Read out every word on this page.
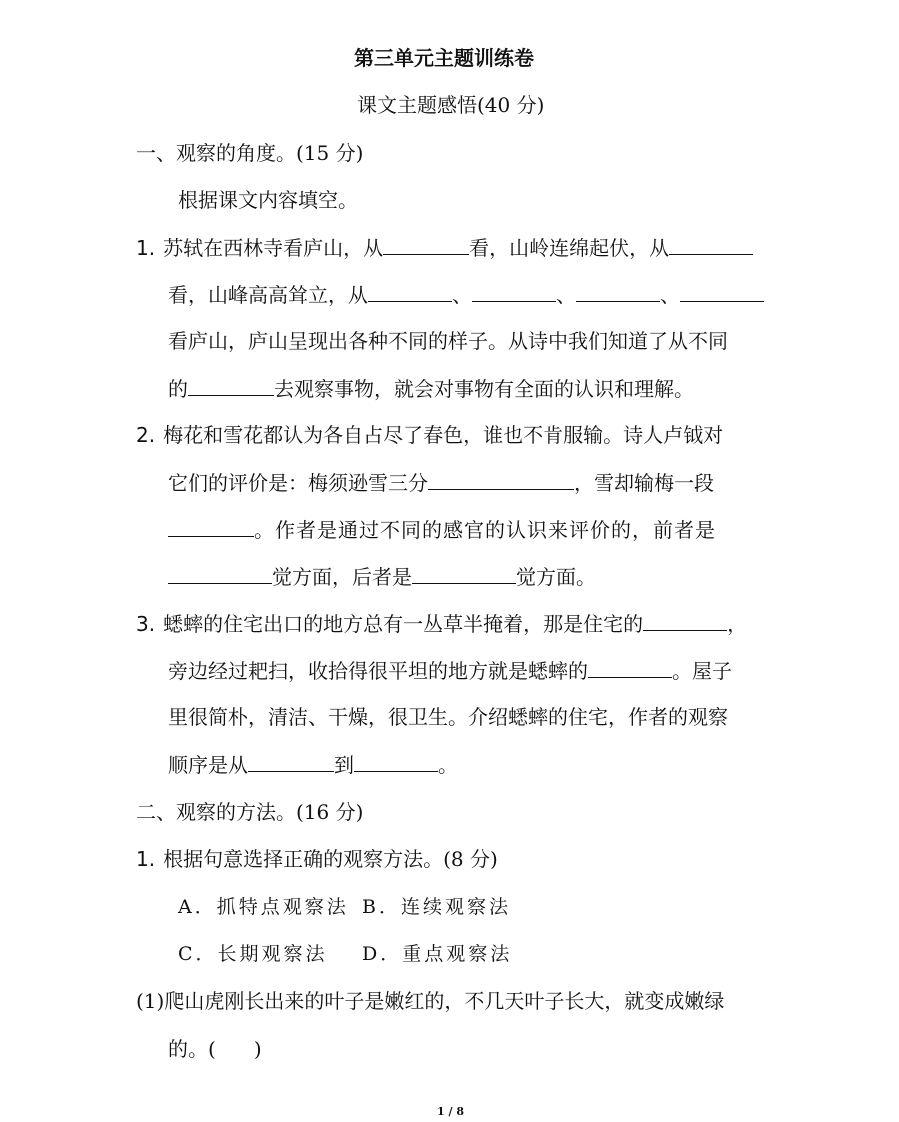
第三单元主题训练卷
课文主题感悟(40 分)
一、观察的角度。(15 分)
根据课文内容填空。
1. 苏轼在西林寺看庐山，从	看，山岭连绵起伏，从
看，山峰高高耸立，从	、	、	、
看庐山，庐山呈现出各种不同的样子。从诗中我们知道了从不同
的	去观察事物，就会对事物有全面的认识和理解。
2. 梅花和雪花都认为各自占尽了春色，谁也不肯服输。诗人卢钺对
它们的评价是：梅须逊雪三分	，雪却输梅一段
。作者是通过不同的感官的认识来评价的，前者是
觉方面，后者是	觉方面。
3. 蟋蟀的住宅出口的地方总有一丛草半掩着，那是住宅的	，
旁边经过耙扫，收拾得很平坦的地方就是蟋蟀的	。屋子
里很简朴，清洁、干燥，很卫生。介绍蟋蟀的住宅，作者的观察
顺序是从	到	。
二、观察的方法。(16 分)
1. 根据句意选择正确的观察方法。(8 分)
A．抓特点观察法 B．连续观察法
C．长期观察法 D．重点观察法
(1)爬山虎刚长出来的叶子是嫩红的，不几天叶子长大，就变成嫩绿
的。( )
1 / 8
